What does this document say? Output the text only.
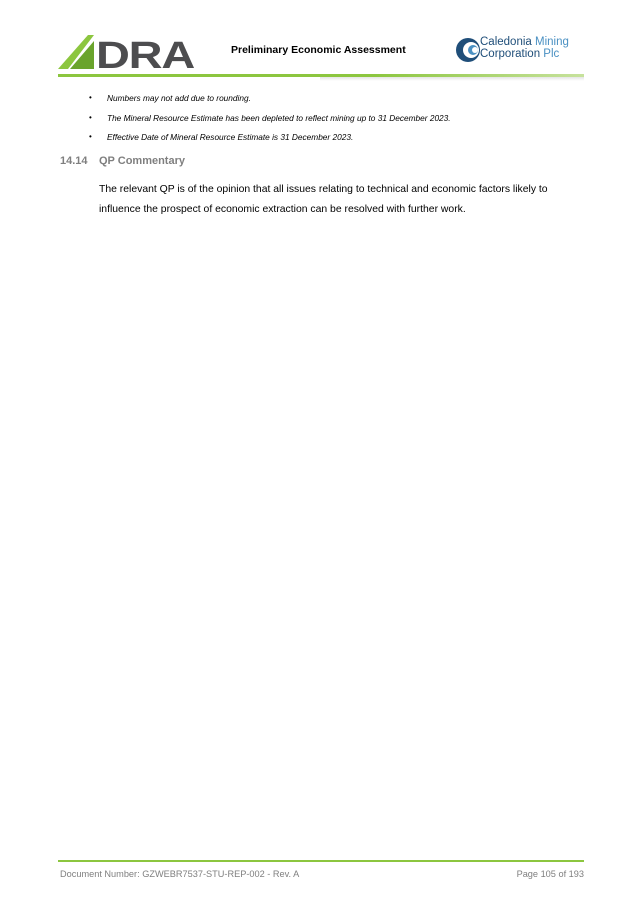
DRA	Preliminary Economic Assessment
Caledonia Mining
Corporation Plc
• Numbers may not add due to rounding.
• The Mineral Resource Estimate has been depleted to reflect mining up to 31 December 2023.
• Effective Date of Mineral Resource Estimate is 31 December 2023.
14.14 QP Commentary
The relevant QP is of the opinion that all issues relating to technical and economic factors likely to influence the prospect of economic extraction can be resolved with further work.
Document Number: GZWEBR7537-STU-REP-002 - Rev. A	Page 105 of 193
